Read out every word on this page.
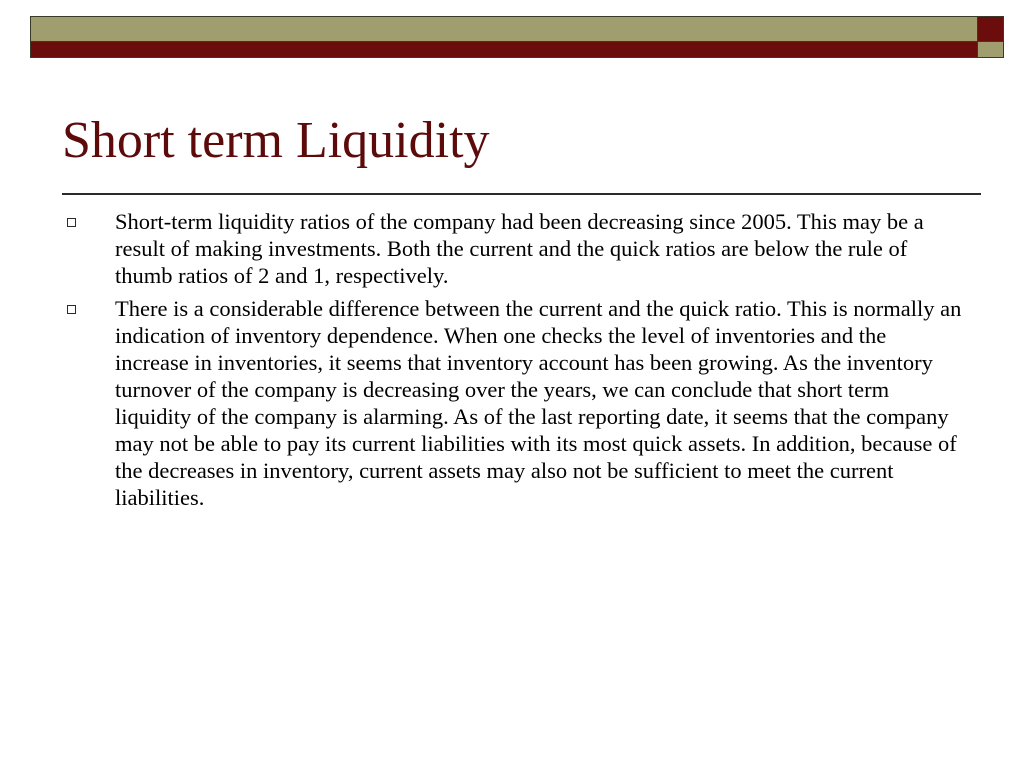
Short term Liquidity
Short-term liquidity ratios of the company had been decreasing since 2005. This may be a result of making investments. Both the current and the quick ratios are below the rule of thumb ratios of 2 and 1, respectively.
There is a considerable difference between the current and the quick ratio. This is normally an indication of inventory dependence. When one checks the level of inventories and the increase in inventories, it seems that inventory account has been growing. As the inventory turnover of the company is decreasing over the years, we can conclude that short term liquidity of the company is alarming. As of the last reporting date, it seems that the company may not be able to pay its current liabilities with its most quick assets. In addition, because of the decreases in inventory, current assets may also not be sufficient to meet the current liabilities.
